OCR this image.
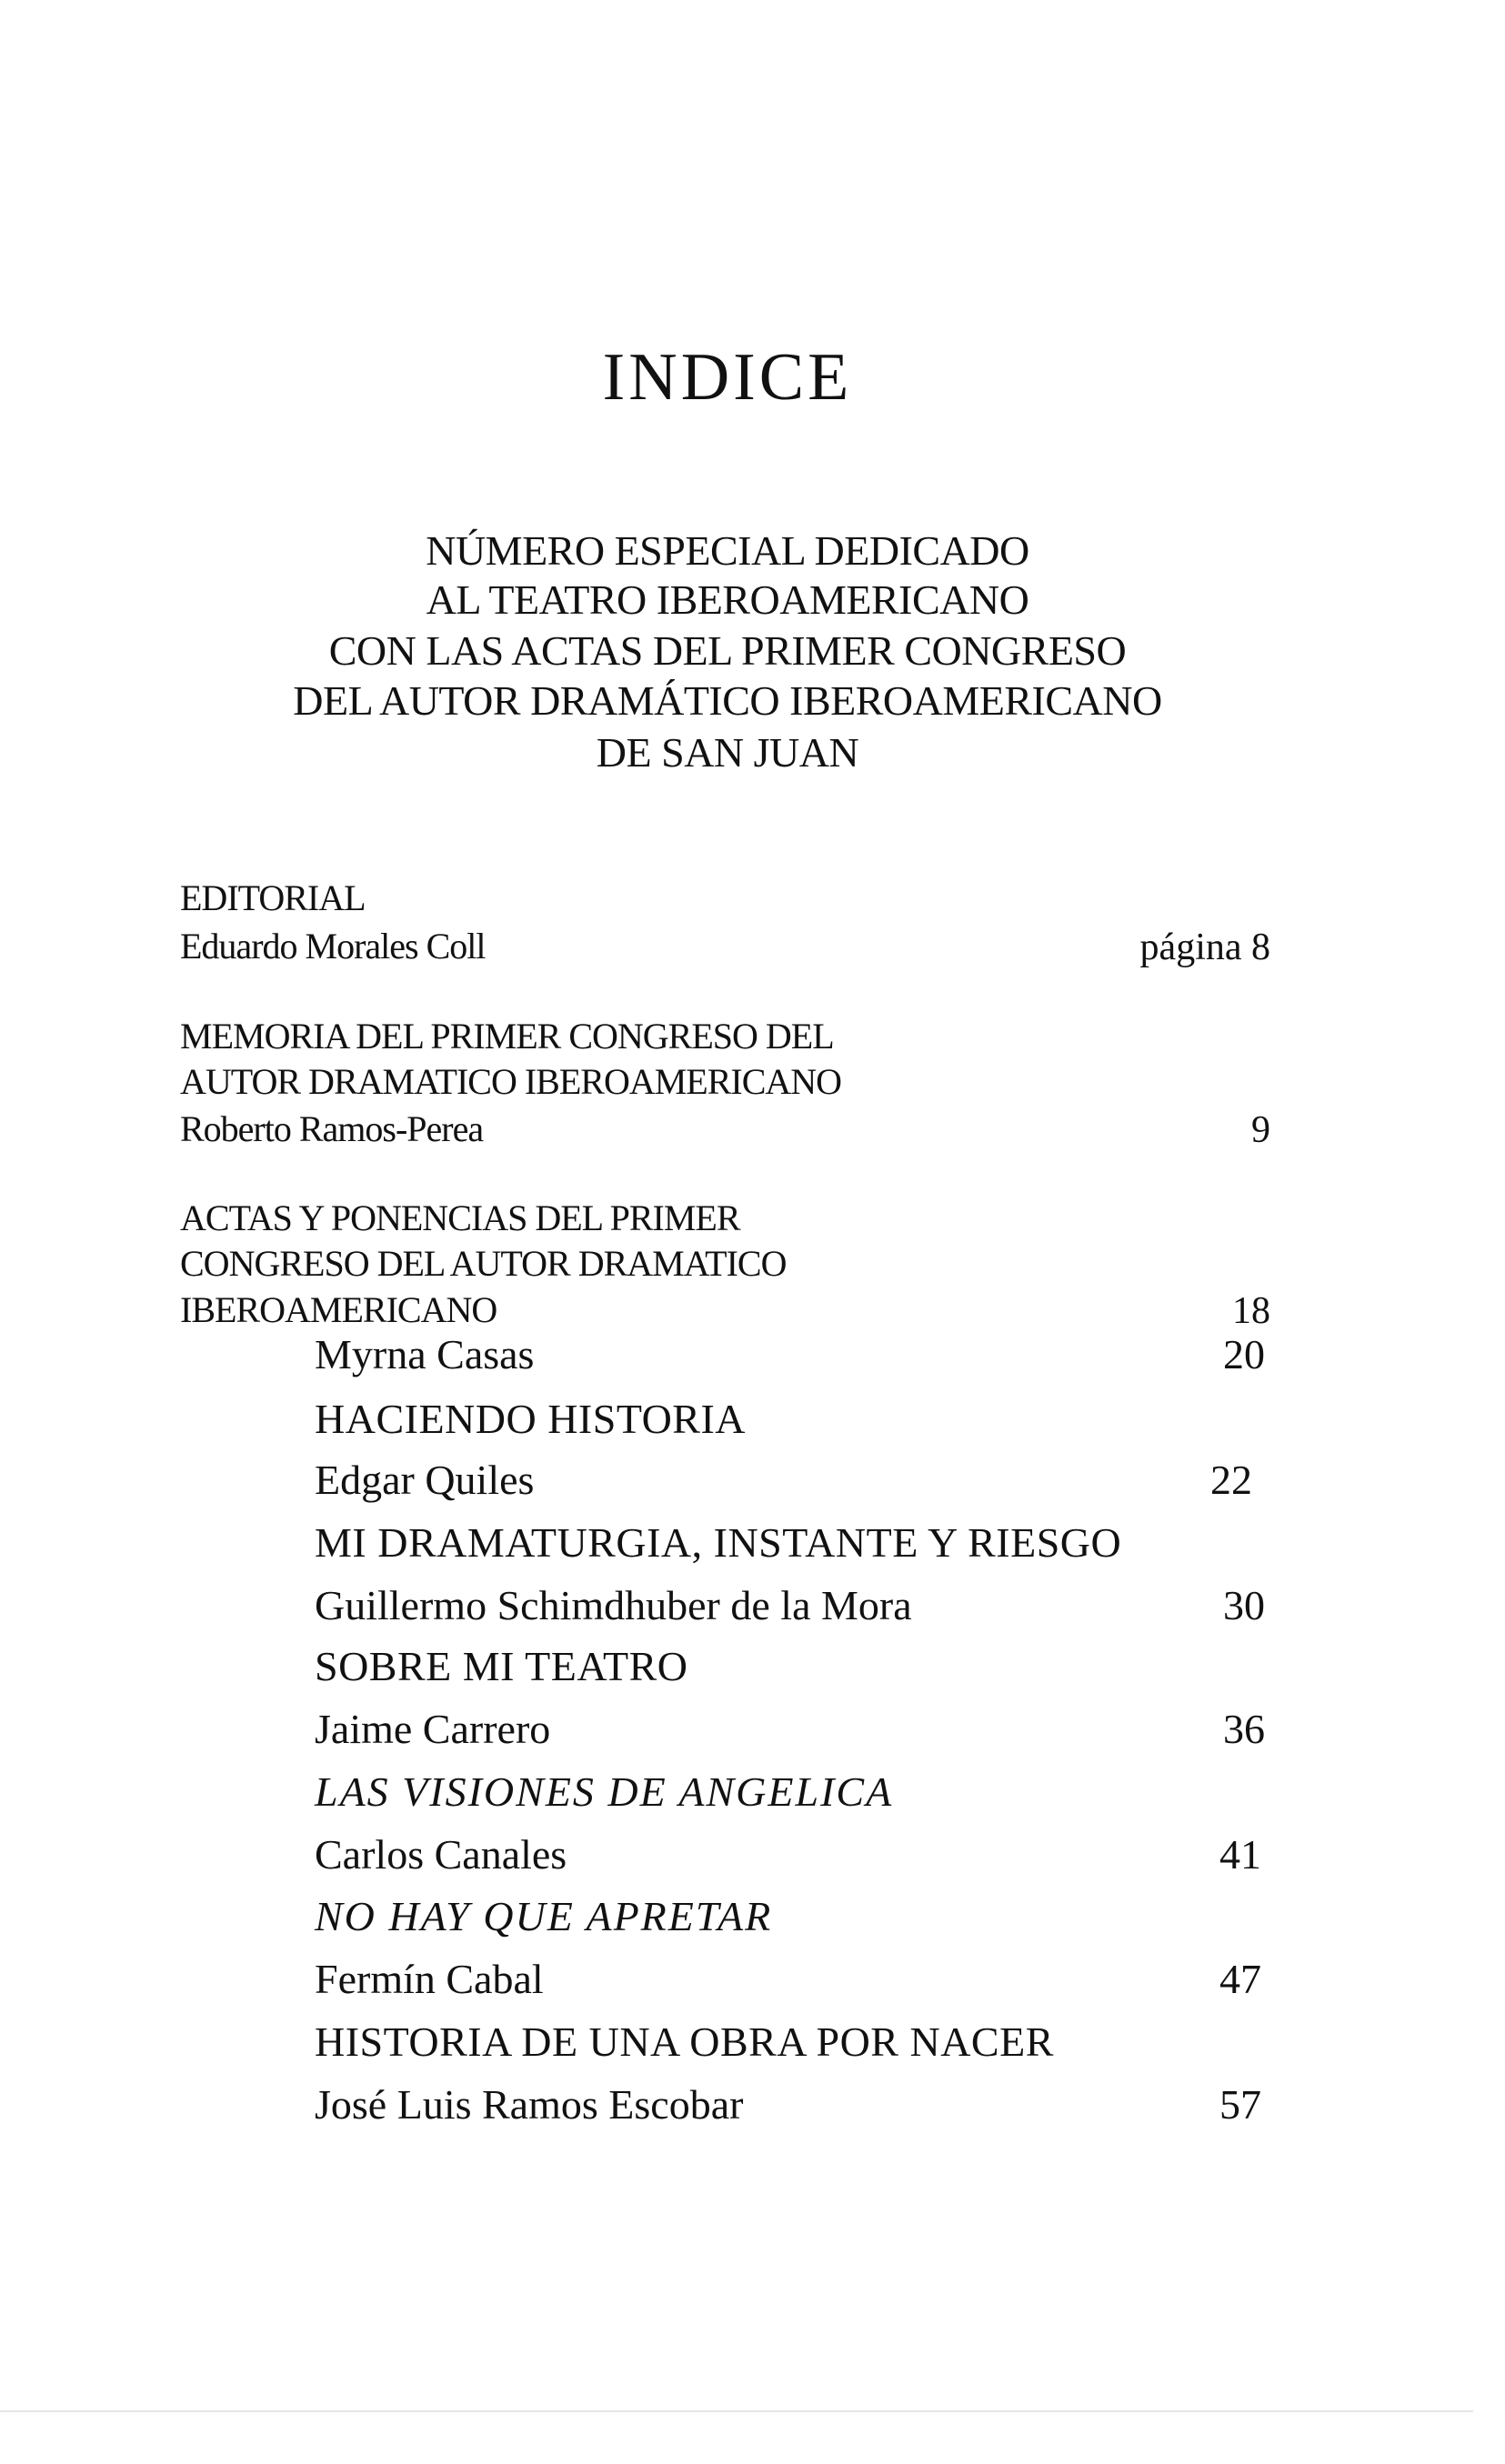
INDICE
NÚMERO ESPECIAL DEDICADO
AL TEATRO IBEROAMERICANO
CON LAS ACTAS DEL PRIMER CONGRESO
DEL AUTOR DRAMÁTICO IBEROAMERICANO
DE SAN JUAN
EDITORIAL
Eduardo Morales Coll	página 8
MEMORIA DEL PRIMER CONGRESO DEL
AUTOR DRAMATICO IBEROAMERICANO
Roberto Ramos-Perea	9
ACTAS Y PONENCIAS DEL PRIMER
CONGRESO DEL AUTOR DRAMATICO
IBEROAMERICANO	18
Myrna Casas	20
HACIENDO HISTORIA
Edgar Quiles	22
MI DRAMATURGIA, INSTANTE Y RIESGO
Guillermo Schimdhuber de la Mora	30
SOBRE MI TEATRO
Jaime Carrero	36
LAS VISIONES DE ANGELICA
Carlos Canales	41
NO HAY QUE APRETAR
Fermín Cabal	47
HISTORIA DE UNA OBRA POR NACER
José Luis Ramos Escobar	57
